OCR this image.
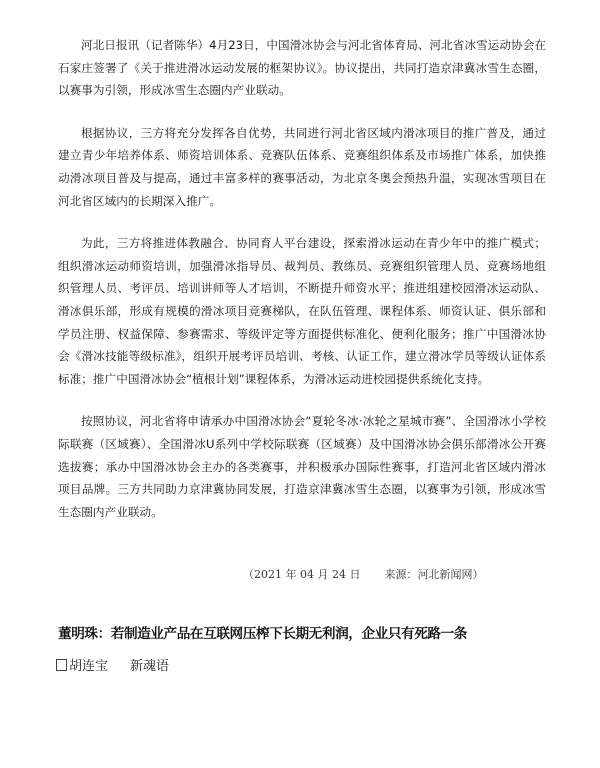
河北日报讯（记者陈华）4月23日，中国滑冰协会与河北省体育局、河北省冰雪运动协会在石家庄签署了《关于推进滑冰运动发展的框架协议》。协议提出，共同打造京津冀冰雪生态圈，以赛事为引领，形成冰雪生态圈内产业联动。

根据协议，三方将充分发挥各自优势，共同进行河北省区域内滑冰项目的推广普及，通过建立青少年培养体系、师资培训体系、竞赛队伍体系、竞赛组织体系及市场推广体系，加快推动滑冰项目普及与提高，通过丰富多样的赛事活动，为北京冬奥会预热升温，实现冰雪项目在河北省区域内的长期深入推广。

为此，三方将推进体教融合、协同育人平台建设，探索滑冰运动在青少年中的推广模式；组织滑冰运动师资培训，加强滑冰指导员、裁判员、教练员、竞赛组织管理人员、竞赛场地组织管理人员、考评员、培训讲师等人才培训，不断提升师资水平；推进组建校园滑冰运动队、滑冰俱乐部，形成有规模的滑冰项目竞赛梯队，在队伍管理、课程体系、师资认证、俱乐部和学员注册、权益保障、参赛需求、等级评定等方面提供标准化、便利化服务；推广中国滑冰协会《滑冰技能等级标准》，组织开展考评员培训、考核、认证工作，建立滑冰学员等级认证体系标准；推广中国滑冰协会“植根计划”课程体系，为滑冰运动进校园提供系统化支持。

按照协议，河北省将申请承办中国滑冰协会“夏轮冬冰·冰轮之星城市赛”、全国滑冰小学校际联赛（区域赛）、全国滑冰U系列中学校际联赛（区域赛）及中国滑冰协会俱乐部滑冰公开赛选拔赛；承办中国滑冰协会主办的各类赛事，并积极承办国际性赛事，打造河北省区域内滑冰项目品牌。三方共同助力京津冀协同发展，打造京津冀冰雪生态圈，以赛事为引领，形成冰雪生态圈内产业联动。

（2021 年 04 月 24 日 来源：河北新闻网）
董明珠：若制造业产品在互联网压榨下长期无利润，企业只有死路一条
胡连宝 新魂语
